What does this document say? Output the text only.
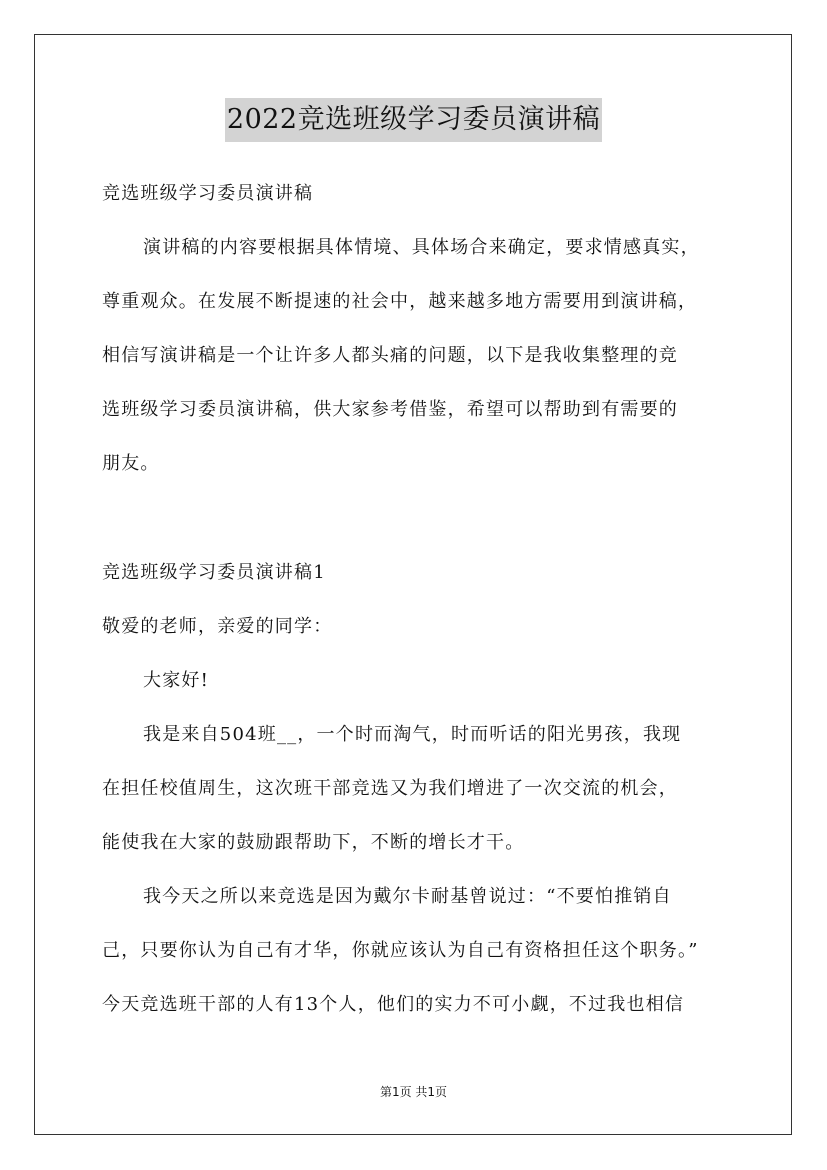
2022竞选班级学习委员演讲稿
竞选班级学习委员演讲稿
演讲稿的内容要根据具体情境、具体场合来确定，要求情感真实，
尊重观众。在发展不断提速的社会中，越来越多地方需要用到演讲稿，
相信写演讲稿是一个让许多人都头痛的问题，以下是我收集整理的竞
选班级学习委员演讲稿，供大家参考借鉴，希望可以帮助到有需要的
朋友。
竞选班级学习委员演讲稿1
敬爱的老师，亲爱的同学：
大家好!
我是来自504班__，一个时而淘气，时而听话的阳光男孩，我现
在担任校值周生，这次班干部竞选又为我们增进了一次交流的机会，
能使我在大家的鼓励跟帮助下，不断的增长才干。
我今天之所以来竞选是因为戴尔卡耐基曾说过：“不要怕推销自
己，只要你认为自己有才华，你就应该认为自己有资格担任这个职务。”
今天竞选班干部的人有13个人，他们的实力不可小觑，不过我也相信
第1页 共1页
